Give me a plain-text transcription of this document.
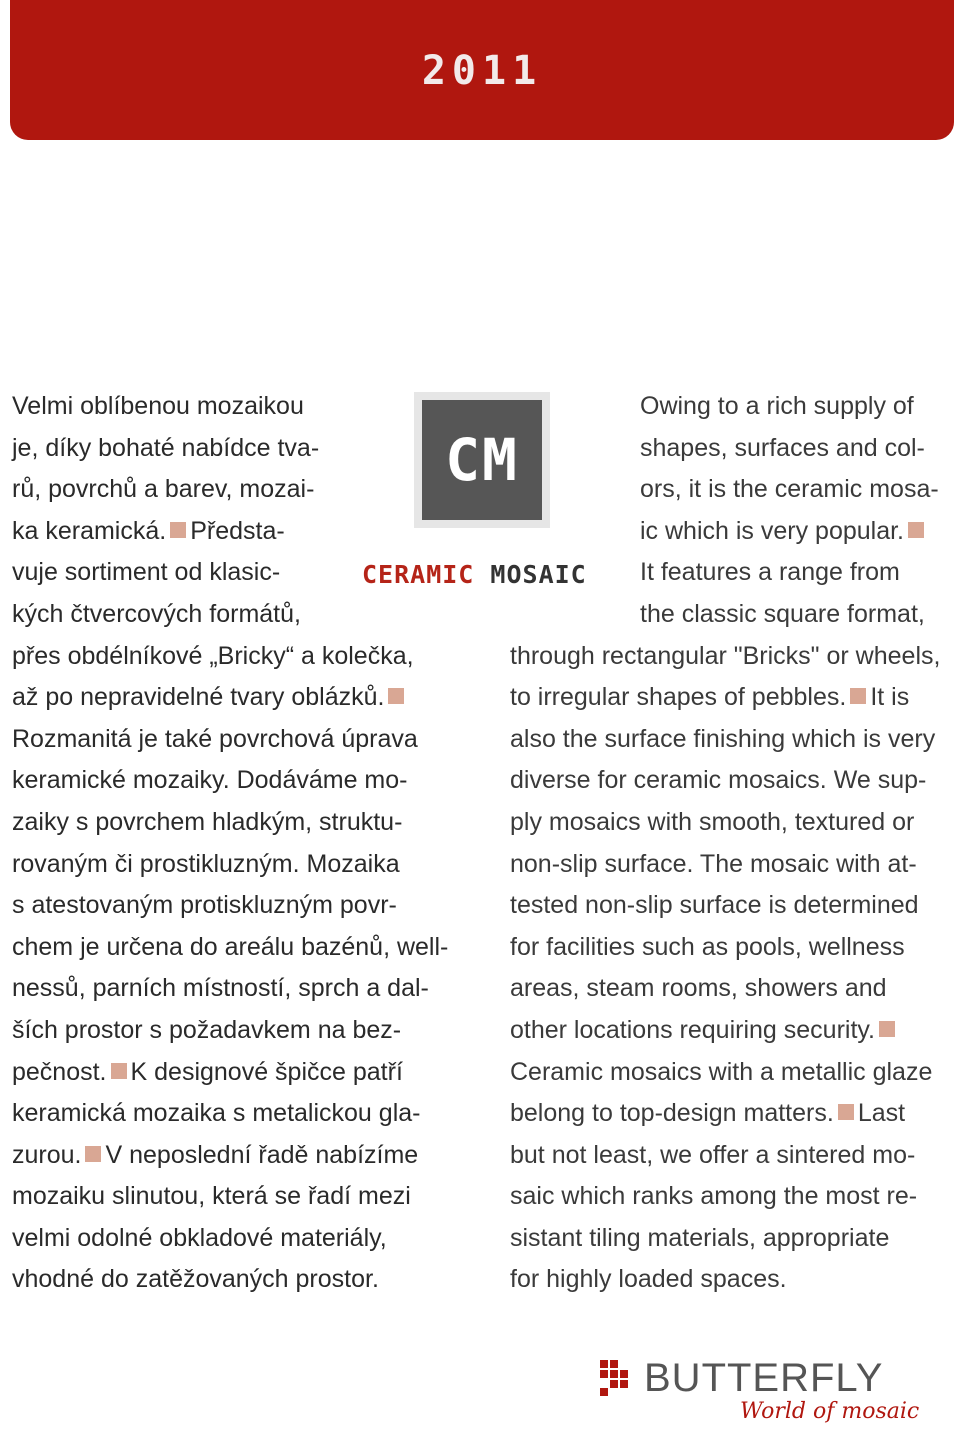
2011
Velmi oblíbenou mozaikou
je, díky bohaté nabídce tva-
rů, povrchů a barev, mozai-
ka keramická. Předsta-
vuje sortiment od klasic-
kých čtvercových formátů,
přes obdélníkové „Bricky“ a kolečka,
až po nepravidelné tvary oblázků.
Rozmanitá je také povrchová úprava
keramické mozaiky. Dodáváme mo-
zaiky s povrchem hladkým, struktu-
rovaným či prostikluzným. Mozaika
s atestovaným protiskluzným povr-
chem je určena do areálu bazénů, well-
nessů, parních místností, sprch a dal-
ších prostor s požadavkem na bez-
pečnost. K designové špičce patří
keramická mozaika s metalickou gla-
zurou. V neposlední řadě nabízíme
mozaiku slinutou, která se řadí mezi
velmi odolné obkladové materiály,
vhodné do zatěžovaných prostor.
CM
CERAMIC MOSAIC
Owing to a rich supply of
shapes, surfaces and col-
ors, it is the ceramic mosa-
ic which is very popular.
It features a range from
the classic square format,
through rectangular "Bricks" or wheels,
to irregular shapes of pebbles. It is
also the surface finishing which is very
diverse for ceramic mosaics. We sup-
ply mosaics with smooth, textured or
non-slip surface. The mosaic with at-
tested non-slip surface is determined
for facilities such as pools, wellness
areas, steam rooms, showers and
other locations requiring security.
Ceramic mosaics with a metallic glaze
belong to top-design matters. Last
but not least, we offer a sintered mo-
saic which ranks among the most re-
sistant tiling materials, appropriate
for highly loaded spaces.
BUTTERFLY
World of mosaic
